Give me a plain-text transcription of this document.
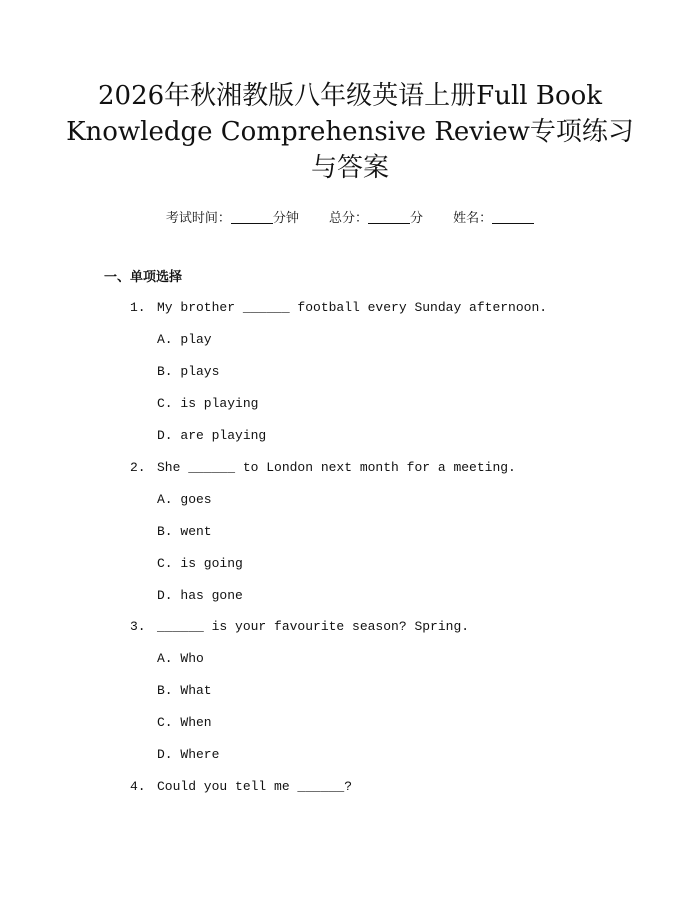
2026年秋湘教版八年级英语上册Full Book
Knowledge Comprehensive Review专项练习
与答案
考试时间：	分钟 总分：	分 姓名：
一、单项选择
1. My brother ______ football every Sunday afternoon.
A. play
B. plays
C. is playing
D. are playing
2. She ______ to London next month for a meeting.
A. goes
B. went
C. is going
D. has gone
3. ______ is your favourite season? Spring.
A. Who
B. What
C. When
D. Where
4. Could you tell me ______?
